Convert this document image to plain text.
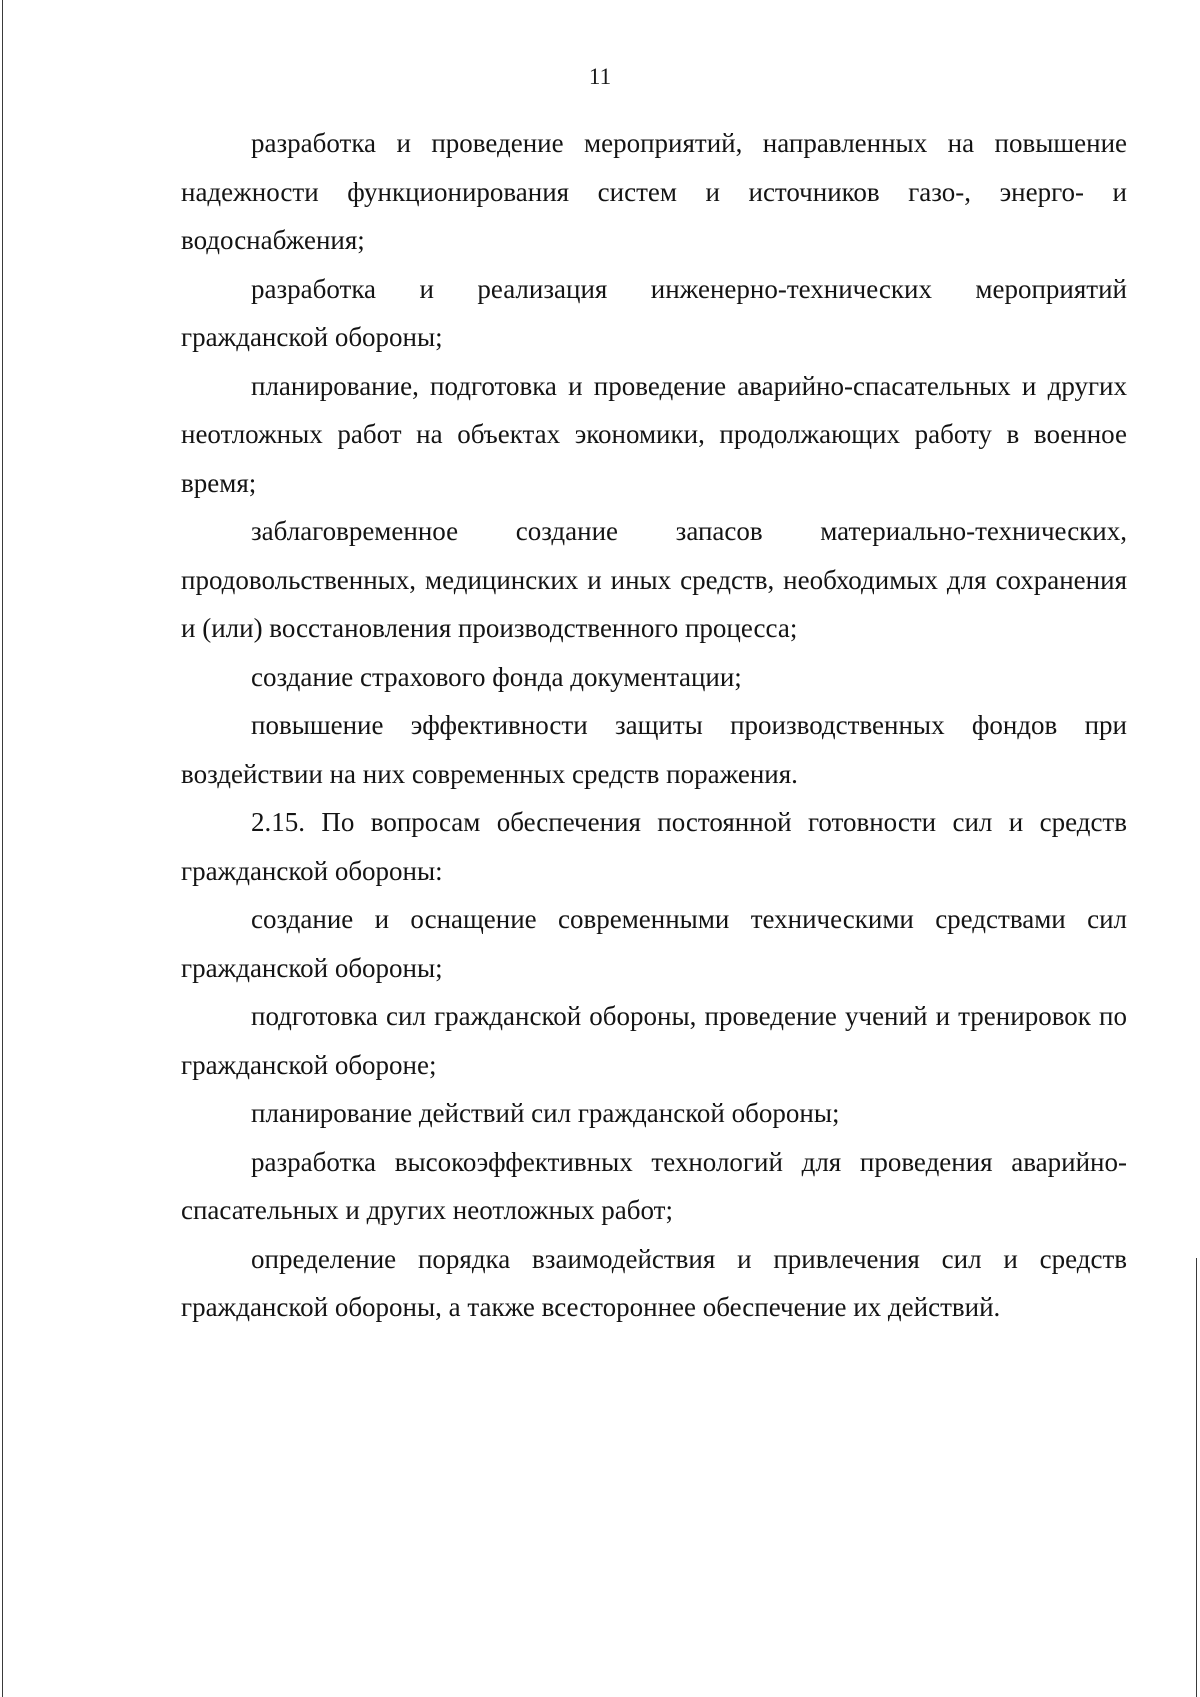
11

разработка и проведение мероприятий, направленных на повышение надежности функционирования систем и источников газо-, энерго- и водоснабжения;

разработка и реализация инженерно-технических мероприятий гражданской обороны;

планирование, подготовка и проведение аварийно-спасательных и других неотложных работ на объектах экономики, продолжающих работу в военное время;

заблаговременное создание запасов материально-технических, продовольственных, медицинских и иных средств, необходимых для сохранения и (или) восстановления производственного процесса;

создание страхового фонда документации;

повышение эффективности защиты производственных фондов при воздействии на них современных средств поражения.

2.15. По вопросам обеспечения постоянной готовности сил и средств гражданской обороны:

создание и оснащение современными техническими средствами сил гражданской обороны;

подготовка сил гражданской обороны, проведение учений и тренировок по гражданской обороне;

планирование действий сил гражданской обороны;

разработка высокоэффективных технологий для проведения аварийно-спасательных и других неотложных работ;

определение порядка взаимодействия и привлечения сил и средств гражданской обороны, а также всестороннее обеспечение их действий.
